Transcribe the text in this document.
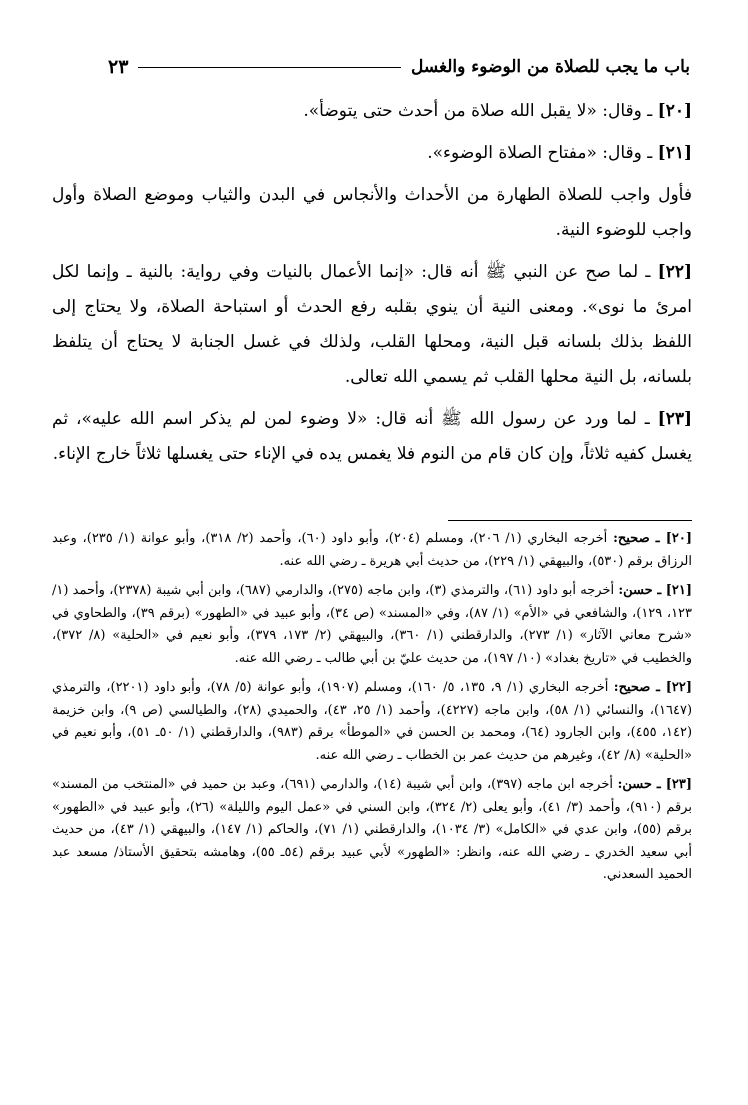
باب ما يجب للصلاة من الوضوء والغسل
٢٣

[٢٠] ـ وقال: «لا يقبل الله صلاة من أحدث حتى يتوضأ».

[٢١] ـ وقال: «مفتاح الصلاة الوضوء».

فأول واجب للصلاة الطهارة من الأحداث والأنجاس في البدن والثياب وموضع الصلاة وأول واجب للوضوء النية.

[٢٢] ـ لما صح عن النبي ﷺ أنه قال: «إنما الأعمال بالنيات وفي رواية: بالنية ـ وإنما لكل امرئ ما نوى». ومعنى النية أن ينوي بقلبه رفع الحدث أو استباحة الصلاة، ولا يحتاج إلى اللفظ بذلك بلسانه قبل النية، ومحلها القلب، ولذلك في غسل الجنابة لا يحتاج أن يتلفظ بلسانه، بل النية محلها القلب ثم يسمي الله تعالى.

[٢٣] ـ لما ورد عن رسول الله ﷺ أنه قال: «لا وضوء لمن لم يذكر اسم الله عليه»، ثم يغسل كفيه ثلاثاً، وإن كان قام من النوم فلا يغمس يده في الإناء حتى يغسلها ثلاثاً خارج الإناء.

[٢٠] ـ صحيح: أخرجه البخاري (١/ ٢٠٦)، ومسلم (٢٠٤)، وأبو داود (٦٠)، وأحمد (٢/ ٣١٨)، وأبو عوانة (١/ ٢٣٥)، وعبد الرزاق برقم (٥٣٠)، والبيهقي (١/ ٢٢٩)، من حديث أبي هريرة ـ رضي الله عنه.

[٢١] ـ حسن: أخرجه أبو داود (٦١)، والترمذي (٣)، وابن ماجه (٢٧٥)، والدارمي (٦٨٧)، وابن أبي شيبة (٢٣٧٨)، وأحمد (١/ ١٢٣، ١٢٩)، والشافعي في «الأم» (١/ ٨٧)، وفي «المسند» (ص ٣٤)، وأبو عبيد في «الطهور» (برقم ٣٩)، والطحاوي في «شرح معاني الآثار» (١/ ٢٧٣)، والدارقطني (١/ ٣٦٠)، والبيهقي (٢/ ١٧٣، ٣٧٩)، وأبو نعيم في «الحلية» (٨/ ٣٧٢)، والخطيب في «تاريخ بغداد» (١٠/ ١٩٧)، من حديث عليّ بن أبي طالب ـ رضي الله عنه.

[٢٢] ـ صحيح: أخرجه البخاري (١/ ٩، ١٣٥، ٥/ ١٦٠)، ومسلم (١٩٠٧)، وأبو عوانة (٥/ ٧٨)، وأبو داود (٢٢٠١)، والترمذي (١٦٤٧)، والنسائي (١/ ٥٨)، وابن ماجه (٤٢٢٧)، وأحمد (١/ ٢٥، ٤٣)، والحميدي (٢٨)، والطيالسي (ص ٩)، وابن خزيمة (١٤٢، ٤٥٥)، وابن الجارود (٦٤)، ومحمد بن الحسن في «الموطأ» برقم (٩٨٣)، والدارقطني (١/ ٥٠ـ ٥١)، وأبو نعيم في «الحلية» (٨/ ٤٢)، وغيرهم من حديث عمر بن الخطاب ـ رضي الله عنه.

[٢٣] ـ حسن: أخرجه ابن ماجه (٣٩٧)، وابن أبي شيبة (١٤)، والدارمي (٦٩١)، وعبد بن حميد في «المنتخب من المسند» برقم (٩١٠)، وأحمد (٣/ ٤١)، وأبو يعلى (٢/ ٣٢٤)، وابن السني في «عمل اليوم والليلة» (٢٦)، وأبو عبيد في «الطهور» برقم (٥٥)، وابن عدي في «الكامل» (٣/ ١٠٣٤)، والدارقطني (١/ ٧١)، والحاكم (١/ ١٤٧)، والبيهقي (١/ ٤٣)، من حديث أبي سعيد الخدري ـ رضي الله عنه، وانظر: «الطهور» لأبي عبيد برقم (٥٤ـ ٥٥)، وهامشه بتحقيق الأستاذ/ مسعد عبد الحميد السعدني.
